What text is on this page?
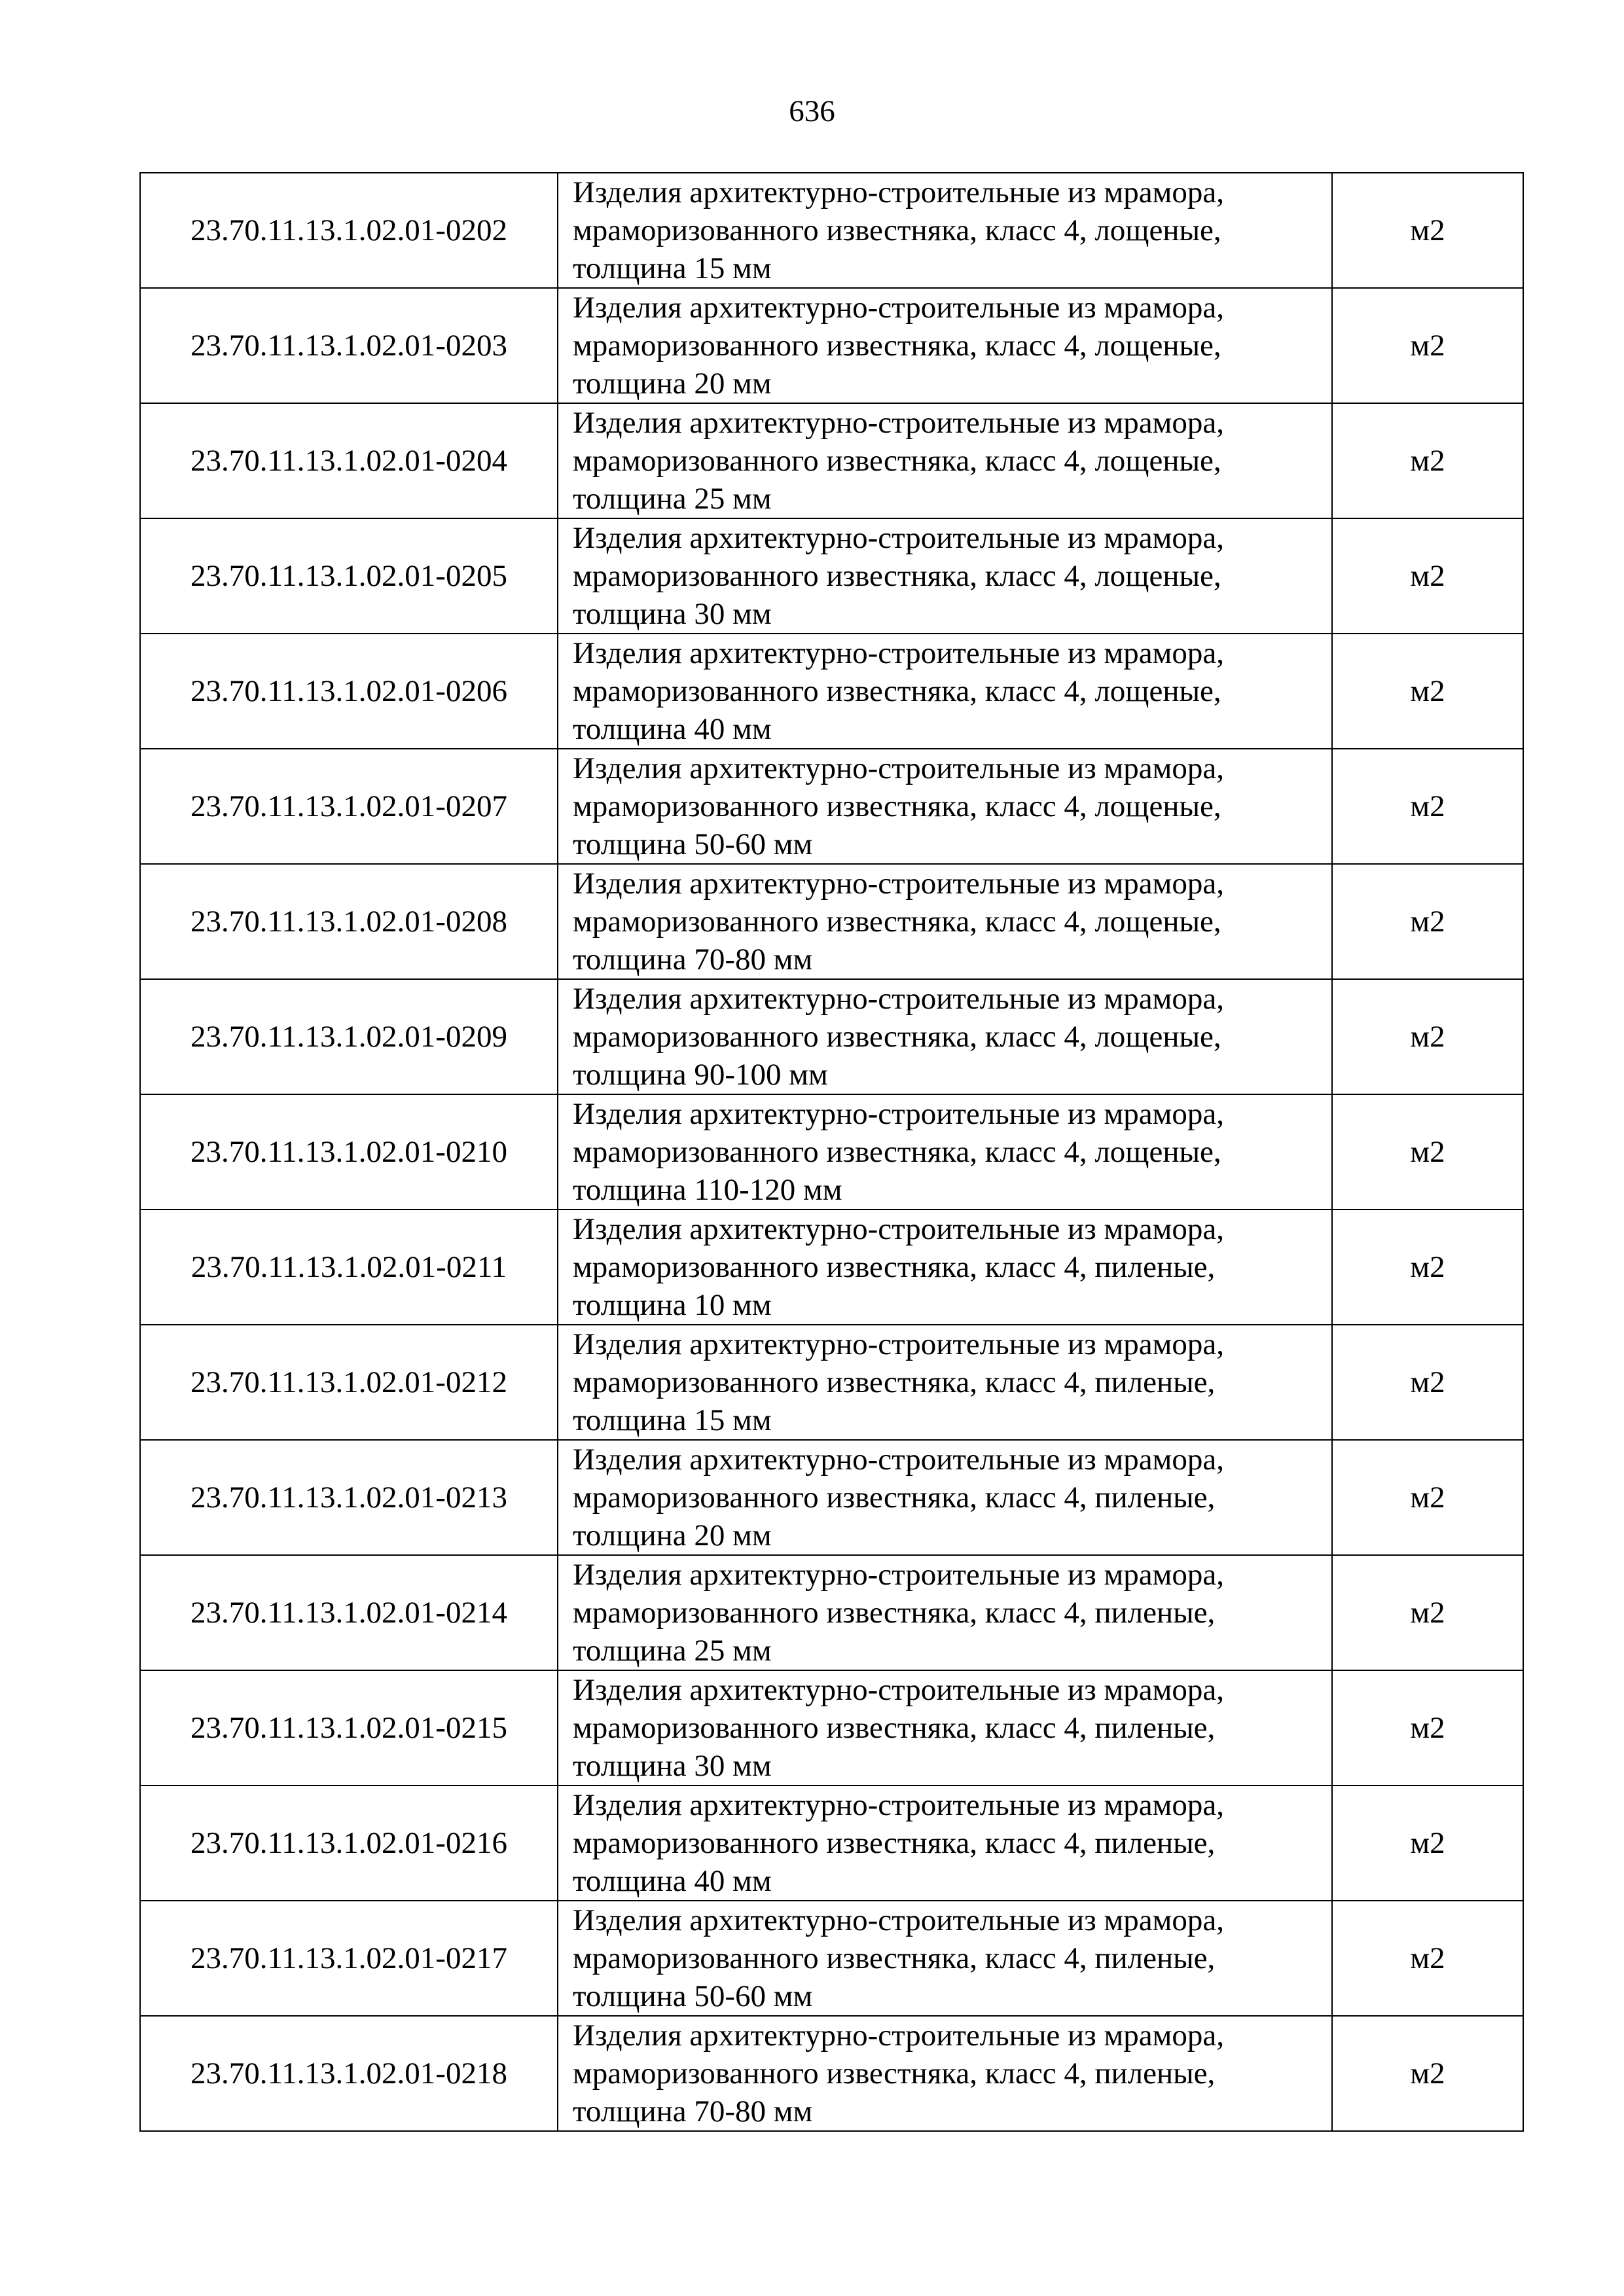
636
23.70.11.13.1.02.01-0202	Изделия архитектурно-строительные из мрамора,
мраморизованного известняка, класс 4, лощеные,
толщина 15 мм	м2
23.70.11.13.1.02.01-0203	Изделия архитектурно-строительные из мрамора,
мраморизованного известняка, класс 4, лощеные,
толщина 20 мм	м2
23.70.11.13.1.02.01-0204	Изделия архитектурно-строительные из мрамора,
мраморизованного известняка, класс 4, лощеные,
толщина 25 мм	м2
23.70.11.13.1.02.01-0205	Изделия архитектурно-строительные из мрамора,
мраморизованного известняка, класс 4, лощеные,
толщина 30 мм	м2
23.70.11.13.1.02.01-0206	Изделия архитектурно-строительные из мрамора,
мраморизованного известняка, класс 4, лощеные,
толщина 40 мм	м2
23.70.11.13.1.02.01-0207	Изделия архитектурно-строительные из мрамора,
мраморизованного известняка, класс 4, лощеные,
толщина 50-60 мм	м2
23.70.11.13.1.02.01-0208	Изделия архитектурно-строительные из мрамора,
мраморизованного известняка, класс 4, лощеные,
толщина 70-80 мм	м2
23.70.11.13.1.02.01-0209	Изделия архитектурно-строительные из мрамора,
мраморизованного известняка, класс 4, лощеные,
толщина 90-100 мм	м2
23.70.11.13.1.02.01-0210	Изделия архитектурно-строительные из мрамора,
мраморизованного известняка, класс 4, лощеные,
толщина 110-120 мм	м2
23.70.11.13.1.02.01-0211	Изделия архитектурно-строительные из мрамора,
мраморизованного известняка, класс 4, пиленые,
толщина 10 мм	м2
23.70.11.13.1.02.01-0212	Изделия архитектурно-строительные из мрамора,
мраморизованного известняка, класс 4, пиленые,
толщина 15 мм	м2
23.70.11.13.1.02.01-0213	Изделия архитектурно-строительные из мрамора,
мраморизованного известняка, класс 4, пиленые,
толщина 20 мм	м2
23.70.11.13.1.02.01-0214	Изделия архитектурно-строительные из мрамора,
мраморизованного известняка, класс 4, пиленые,
толщина 25 мм	м2
23.70.11.13.1.02.01-0215	Изделия архитектурно-строительные из мрамора,
мраморизованного известняка, класс 4, пиленые,
толщина 30 мм	м2
23.70.11.13.1.02.01-0216	Изделия архитектурно-строительные из мрамора,
мраморизованного известняка, класс 4, пиленые,
толщина 40 мм	м2
23.70.11.13.1.02.01-0217	Изделия архитектурно-строительные из мрамора,
мраморизованного известняка, класс 4, пиленые,
толщина 50-60 мм	м2
23.70.11.13.1.02.01-0218	Изделия архитектурно-строительные из мрамора,
мраморизованного известняка, класс 4, пиленые,
толщина 70-80 мм	м2
